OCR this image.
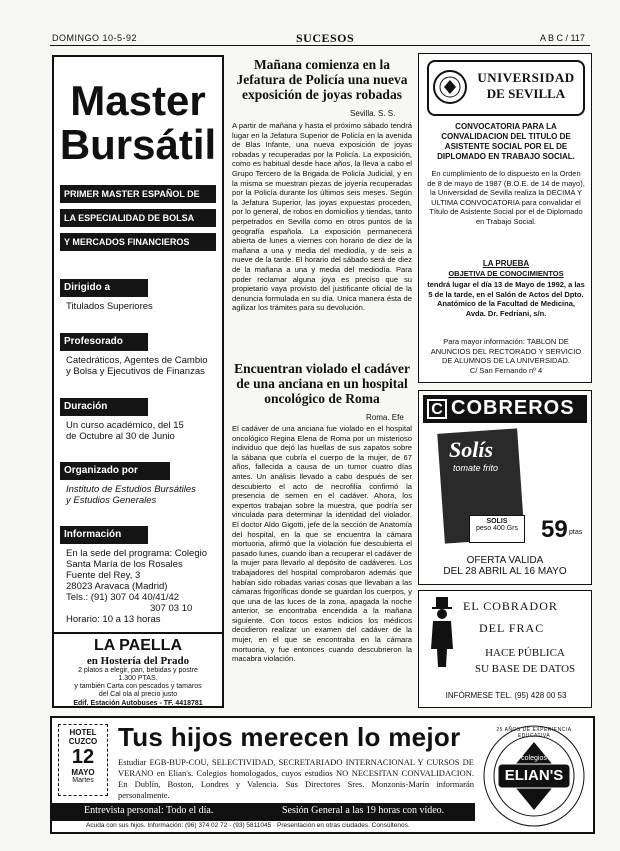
DOMINGO 10-5-92	SUCESOS	A B C / 117
Master
Bursátil
PRIMER MASTER ESPAÑOL DE
LA ESPECIALIDAD DE BOLSA
Y MERCADOS FINANCIEROS
Dirigido a
Titulados Superiores
Profesorado
Catedráticos, Agentes de Cambio
y Bolsa y Ejecutivos de Finanzas
Duración
Un curso académico, del 15
de Octubre al 30 de Junio
Organizado por
Instituto de Estudios Bursátiles
y Estudios Generales
Información
En la sede del programa: Colegio
Santa María de los Rosales
Fuente del Rey, 3
28023 Aravaca (Madrid)
Tels.: (91) 307 04 40/41/42
307 03 10
Horario: 10 a 13 horas
LA PAELLA
en Hostería del Prado
2 platos a elegir, pan, bebidas y postre
1.300 PTAS.
y también Carta con pescados y tamaros
del Cal ola al precio justo
Edif. Estación Autobuses - TF. 4418781
Mañana comienza en la Jefatura de Policía una nueva exposición de joyas robadas
Sevilla. S. S.
A partir de mañana y hasta el próximo sábado tendrá lugar en la Jefatura Superior de Policía en la avenida de Blas Infante, una nueva exposición de joyas robadas y recuperadas por la Policía. La exposición, como es habitual desde hace años, la lleva a cabo el Grupo Tercero de la Brigada de Policía Judicial, y en la misma se muestran piezas de joyería recuperadas por la Policía durante los últimos seis meses. Según la Jefatura Superior, las joyas expuestas proceden, por lo general, de robos en domicilios y tiendas, tanto perpetrados en Sevilla como en otros puntos de la geografía española. La exposición permanecerá abierta de lunes a viernes con horario de diez de la mañana a una y media del mediodía, y de seis a nueve de la tarde. El horario del sábado será de diez de la mañana a una y media del mediodía. Para poder reclamar alguna joya es preciso que su propietario vaya provisto del justificante oficial de la denuncia formulada en su día. Unica manera ésta de agilizar los trámites para su devolución.
Encuentran violado el cadáver de una anciana en un hospital oncológico de Roma
Roma. Efe
El cadáver de una anciana fue violado en el hospital oncológico Regina Elena de Roma por un misterioso individuo que dejó las huellas de sus zapatos sobre la sábana que cubría el cuerpo de la mujer, de 67 años, fallecida a causa de un tumor cuatro días antes. Un análisis llevado a cabo después de ser descubierto el acto de necrofilia confirmó la presencia de semen en el cadáver. Ahora, los expertos trabajan sobre la muestra, que podría ser vinculada para determinar la identidad del violador. El doctor Aldo Gigotti, jefe de la sección de Anatomía del hospital, en la que se encuentra la cámara mortuoria, afirmó que la violación fue descubierta el pasado lunes, cuando iban a recuperar el cadáver de la mujer para llevarlo al depósito de cadáveres. Los trabajadores del hospital comprobaron además que habían sido robadas varias cosas que llevaban a las cámaras frigoríficas donde se guardan los cuerpos, y que una de las luces de la zona, apagada la noche anterior, se encontraba encendida a la mañana siguiente. Con tocos estos indicios los médicos decidieron realizar un examen del cadáver de la mujer, en el que se encontraba en la cámara mortuoria, y fue entonces cuando descubrieron la macabra violación.
UNIVERSIDAD
DE SEVILLA
CONVOCATORIA PARA LA CONVALIDACION DEL TITULO DE ASISTENTE SOCIAL POR EL DE DIPLOMADO EN TRABAJO SOCIAL.
En cumplimiento de lo dispuesto en la Orden de 8 de mayo de 1987 (B.O.E. de 14 de mayo), la Universidad de Sevilla realiza la DECIMA Y ULTIMA CONVOCATORIA para convalidar el Título de Asistente Social por el de Diplomado en Trabajo Social.
LA PRUEBA
OBJETIVA DE CONOCIMIENTOS
tendrá lugar el día 13 de Mayo de 1992, a las 5 de la tarde, en el Salón de Actos del Dpto. Anatómico de la Facultad de Medicina, Avda. Dr. Fedriani, s/n.
Para mayor información: TABLON DE ANUNCIOS DEL RECTORADO Y SERVICIO DE ALUMNOS DE LA UNIVERSIDAD.
C/ San Fernando nº 4
C COBREROS
Solís
tomate frito
SOLIS
peso 400 Grs 59 ptas
OFERTA VALIDA
DEL 28 ABRIL AL 16 MAYO
EL COBRADOR
DEL FRAC
HACE PÚBLICA
SU BASE DE DATOS
INFÓRMESE TEL. (95) 428 00 53
HOTEL
CUZCO
12
MAYO
Martes
Tus hijos merecen lo mejor
Estudiar EGB-BUP-COU, SELECTIVIDAD, SECRETARIADO INTERNACIONAL Y CURSOS DE VERANO en Elian's. Colegios homologados, cuyos estudios NO NECESITAN CONVALIDACION. En Dublín, Boston, Londres y Valencia. Sus Directores Sres. Monzonis-Marín informarán personalmente.
Entrevista personal: Todo el día.	Sesión General a las 19 horas con vídeo.
Acuda con sus hijos. Información: (96) 374 02 72 - (93) 5811045 · Presentación en otras ciudades. Consúltenos.
25 AÑOS DE EXPERIENCIA EDUCATIVA
colegios
ELIAN'S
